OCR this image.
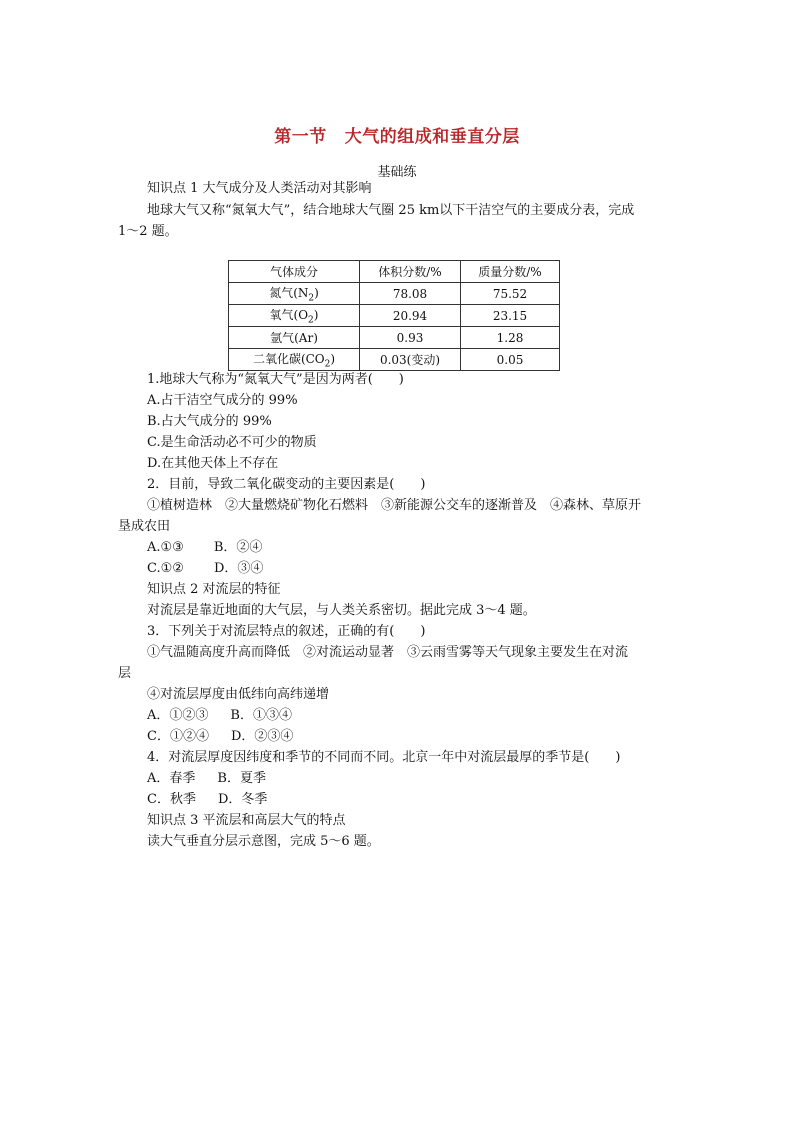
第一节 大气的组成和垂直分层
基础练
知识点 1 大气成分及人类活动对其影响
地球大气又称“氮氧大气”，结合地球大气圈 25 km以下干洁空气的主要成分表，完成
1～2 题。
气体成分	体积分数/%	质量分数/%
氮气$(N_2)$	78.08	75.52
氧气$(O_2)$	20.94	23.15
氩气(Ar)	0.93	1.28
二氧化碳$(CO_2)$	0.03(变动)	0.05
1.地球大气称为“氮氧大气”是因为两者(　　)
A.占干洁空气成分的 99%
B.占大气成分的 99%
C.是生命活动必不可少的物质
D.在其他天体上不存在
2．目前，导致二氧化碳变动的主要因素是(　　)
①植树造林　②大量燃烧矿物化石燃料　③新能源公交车的逐渐普及　④森林、草原开
垦成农田
A.①③ B．②④
C.①② D．③④
知识点 2 对流层的特征
对流层是靠近地面的大气层，与人类关系密切。据此完成 3～4 题。
3．下列关于对流层特点的叙述，正确的有(　　)
①气温随高度升高而降低　②对流运动显著　③云雨雪雾等天气现象主要发生在对流
层
④对流层厚度由低纬向高纬递增
A．①②③ B．①③④
C．①②④ D．②③④
4．对流层厚度因纬度和季节的不同而不同。北京一年中对流层最厚的季节是(　　)
A．春季 B．夏季
C．秋季 D．冬季
知识点 3 平流层和高层大气的特点
读大气垂直分层示意图，完成 5～6 题。
